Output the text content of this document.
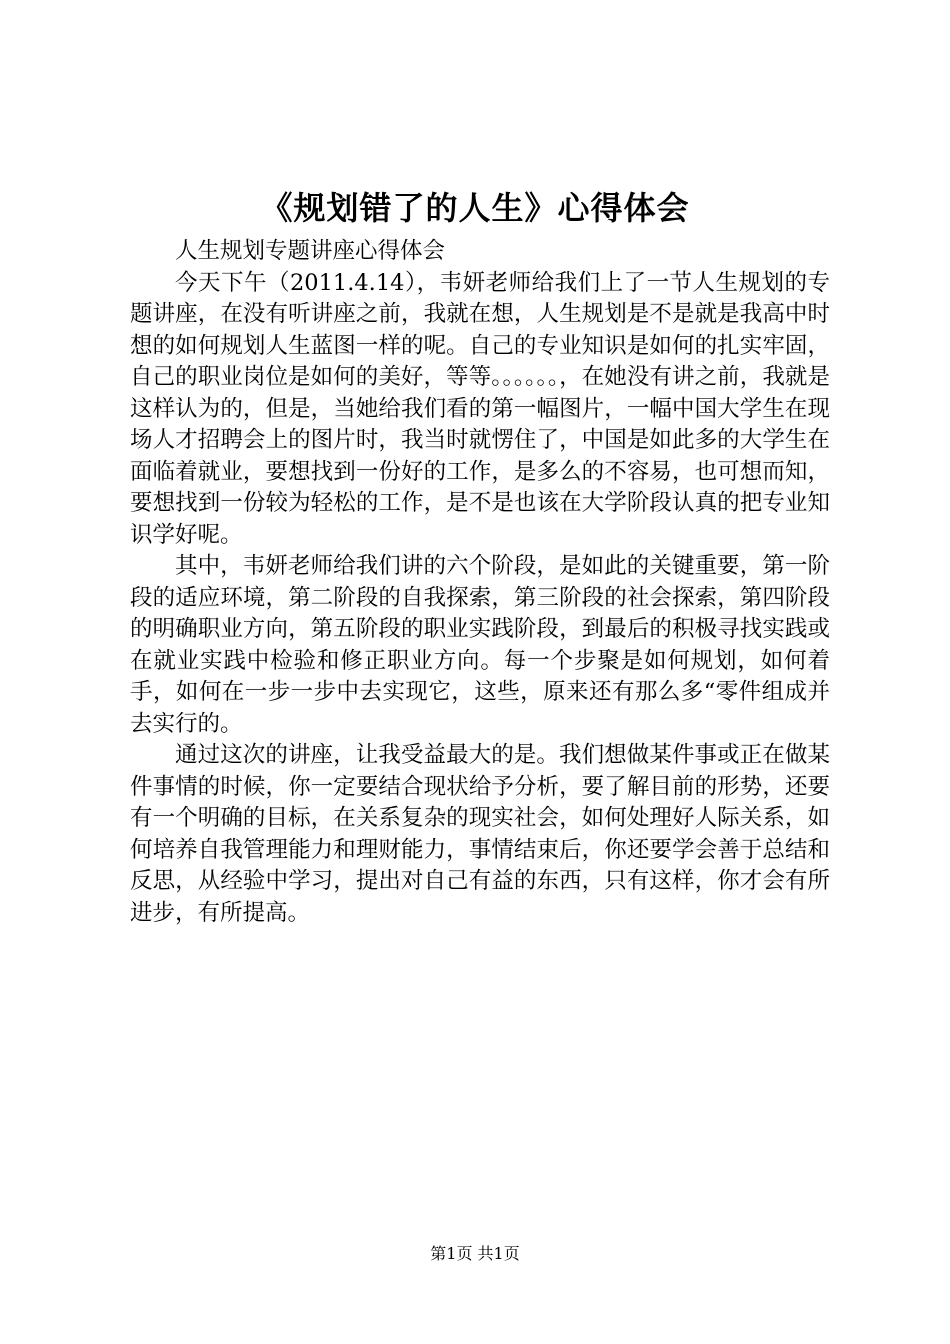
《规划错了的人生》心得体会

人生规划专题讲座心得体会

今天下午（2011.4.14），韦妍老师给我们上了一节人生规划的专题讲座，在没有听讲座之前，我就在想，人生规划是不是就是我高中时想的如何规划人生蓝图一样的呢。自己的专业知识是如何的扎实牢固，自己的职业岗位是如何的美好，等等。。。。。。，在她没有讲之前，我就是这样认为的，但是，当她给我们看的第一幅图片，一幅中国大学生在现场人才招聘会上的图片时，我当时就愣住了，中国是如此多的大学生在面临着就业，要想找到一份好的工作，是多么的不容易，也可想而知，要想找到一份较为轻松的工作，是不是也该在大学阶段认真的把专业知识学好呢。

其中，韦妍老师给我们讲的六个阶段，是如此的关键重要，第一阶段的适应环境，第二阶段的自我探索，第三阶段的社会探索，第四阶段的明确职业方向，第五阶段的职业实践阶段，到最后的积极寻找实践或在就业实践中检验和修正职业方向。每一个步聚是如何规划，如何着手，如何在一步一步中去实现它，这些，原来还有那么多“零件组成并去实行的。

通过这次的讲座，让我受益最大的是。我们想做某件事或正在做某件事情的时候，你一定要结合现状给予分析，要了解目前的形势，还要有一个明确的目标，在关系复杂的现实社会，如何处理好人际关系，如何培养自我管理能力和理财能力，事情结束后，你还要学会善于总结和反思，从经验中学习，提出对自己有益的东西，只有这样，你才会有所进步，有所提高。

第1页 共1页
